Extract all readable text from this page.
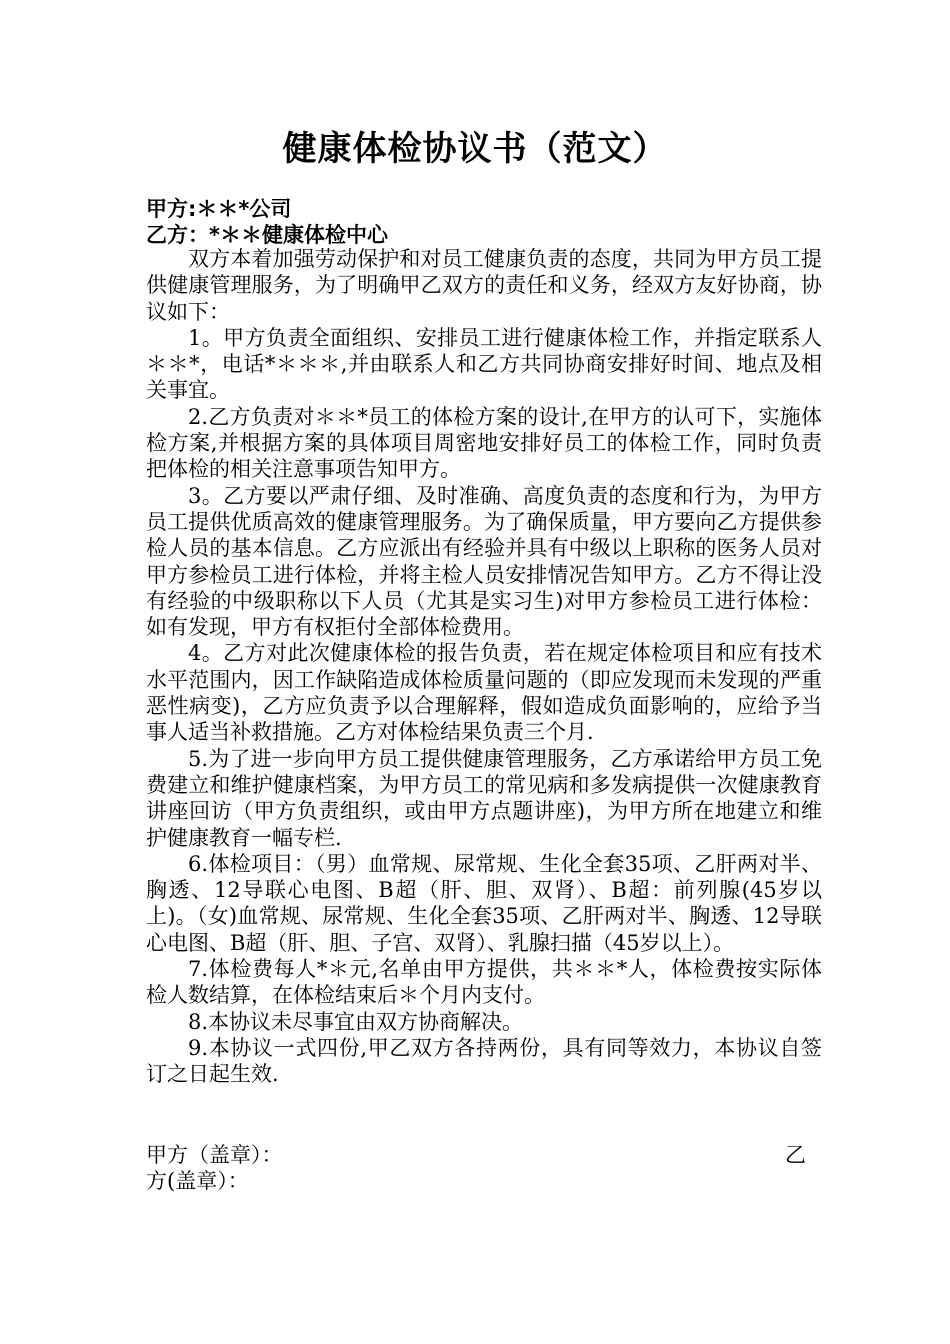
健康体检协议书（范文）
甲方:＊＊*公司
乙方：*＊＊健康体检中心

双方本着加强劳动保护和对员工健康负责的态度，共同为甲方员工提供健康管理服务，为了明确甲乙双方的责任和义务，经双方友好协商，协议如下：

1。甲方负责全面组织、安排员工进行健康体检工作，并指定联系人＊＊*，电话*＊＊＊,并由联系人和乙方共同协商安排好时间、地点及相关事宜。

2.乙方负责对＊＊*员工的体检方案的设计,在甲方的认可下，实施体检方案,并根据方案的具体项目周密地安排好员工的体检工作，同时负责把体检的相关注意事项告知甲方。

3。乙方要以严肃仔细、及时准确、高度负责的态度和行为，为甲方员工提供优质高效的健康管理服务。为了确保质量，甲方要向乙方提供参检人员的基本信息。乙方应派出有经验并具有中级以上职称的医务人员对甲方参检员工进行体检，并将主检人员安排情况告知甲方。乙方不得让没有经验的中级职称以下人员（尤其是实习生)对甲方参检员工进行体检：如有发现，甲方有权拒付全部体检费用。

4。乙方对此次健康体检的报告负责，若在规定体检项目和应有技术水平范围内，因工作缺陷造成体检质量问题的（即应发现而未发现的严重恶性病变)，乙方应负责予以合理解释，假如造成负面影响的，应给予当事人适当补救措施。乙方对体检结果负责三个月.

5.为了进一步向甲方员工提供健康管理服务，乙方承诺给甲方员工免费建立和维护健康档案，为甲方员工的常见病和多发病提供一次健康教育讲座回访（甲方负责组织，或由甲方点题讲座)，为甲方所在地建立和维护健康教育一幅专栏.

6.体检项目：（男）血常规、尿常规、生化全套35项、乙肝两对半、胸透、12导联心电图、B超（肝、胆、双肾）、B超：前列腺(45岁以上)。（女)血常规、尿常规、生化全套35项、乙肝两对半、胸透、12导联心电图、B超（肝、胆、子宫、双肾）、乳腺扫描（45岁以上）。

7.体检费每人*＊元,名单由甲方提供，共＊＊*人，体检费按实际体检人数结算，在体检结束后＊个月内支付。

8.本协议未尽事宜由双方协商解决。

9.本协议一式四份,甲乙双方各持两份，具有同等效力，本协议自签订之日起生效.

甲方（盖章）：	乙
方(盖章）：
